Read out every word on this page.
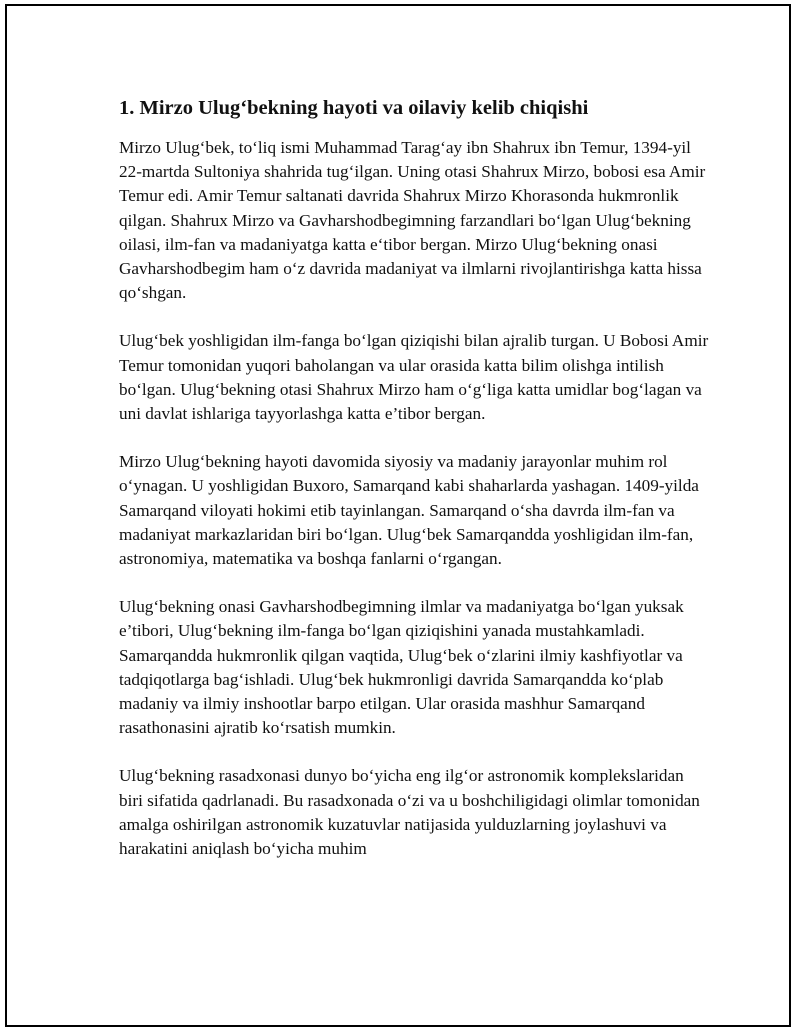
1. Mirzo Ulug‘bekning hayoti va oilaviy kelib chiqishi

Mirzo Ulug‘bek, to‘liq ismi Muhammad Tarag‘ay ibn Shahrux ibn Temur, 1394-yil 22-martda Sultoniya shahrida tug‘ilgan. Uning otasi Shahrux Mirzo, bobosi esa Amir Temur edi. Amir Temur saltanati davrida Shahrux Mirzo Khorasonda hukmronlik qilgan. Shahrux Mirzo va Gavharshodbegimning farzandlari bo‘lgan Ulug‘bekning oilasi, ilm-fan va madaniyatga katta e‘tibor bergan. Mirzo Ulug‘bekning onasi Gavharshodbegim ham o‘z davrida madaniyat va ilmlarni rivojlantirishga katta hissa qo‘shgan.

Ulug‘bek yoshligidan ilm-fanga bo‘lgan qiziqishi bilan ajralib turgan. U Bobosi Amir Temur tomonidan yuqori baholangan va ular orasida katta bilim olishga intilish bo‘lgan. Ulug‘bekning otasi Shahrux Mirzo ham o‘g‘liga katta umidlar bog‘lagan va uni davlat ishlariga tayyorlashga katta e’tibor bergan.

Mirzo Ulug‘bekning hayoti davomida siyosiy va madaniy jarayonlar muhim rol o‘ynagan. U yoshligidan Buxoro, Samarqand kabi shaharlarda yashagan. 1409-yilda Samarqand viloyati hokimi etib tayinlangan. Samarqand o‘sha davrda ilm-fan va madaniyat markazlaridan biri bo‘lgan. Ulug‘bek Samarqandda yoshligidan ilm-fan, astronomiya, matematika va boshqa fanlarni o‘rgangan.

Ulug‘bekning onasi Gavharshodbegimning ilmlar va madaniyatga bo‘lgan yuksak e’tibori, Ulug‘bekning ilm-fanga bo‘lgan qiziqishini yanada mustahkamladi. Samarqandda hukmronlik qilgan vaqtida, Ulug‘bek o‘zlarini ilmiy kashfiyotlar va tadqiqotlarga bag‘ishladi. Ulug‘bek hukmronligi davrida Samarqandda ko‘plab madaniy va ilmiy inshootlar barpo etilgan. Ular orasida mashhur Samarqand rasathonasini ajratib ko‘rsatish mumkin.

Ulug‘bekning rasadxonasi dunyo bo‘yicha eng ilg‘or astronomik komplekslaridan biri sifatida qadrlanadi. Bu rasadxonada o‘zi va u boshchiligidagi olimlar tomonidan amalga oshirilgan astronomik kuzatuvlar natijasida yulduzlarning joylashuvi va harakatini aniqlash bo‘yicha muhim
